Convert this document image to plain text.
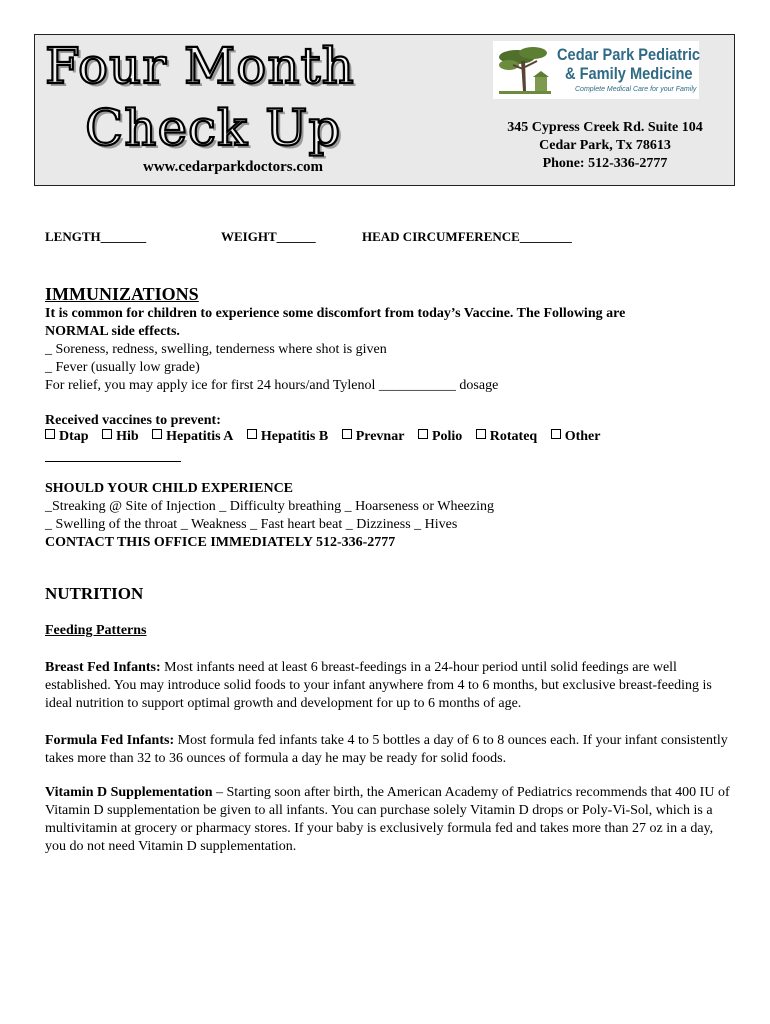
Four Month
Check Up
www.cedarparkdoctors.com
Cedar Park Pediatric
& Family Medicine
Complete Medical Care for your Family
345 Cypress Creek Rd. Suite 104
Cedar Park, Tx 78613
Phone: 512-336-2777
LENGTH_______	WEIGHT______	HEAD CIRCUMFERENCE________
IMMUNIZATIONS
It is common for children to experience some discomfort from today’s Vaccine. The Following are
NORMAL side effects.
_ Soreness, redness, swelling, tenderness where shot is given
_ Fever (usually low grade)
For relief, you may apply ice for first 24 hours/and Tylenol ___________ dosage
Received vaccines to prevent:
Dtap Hib Hepatitis A Hepatitis B Prevnar Polio Rotateq Other
SHOULD YOUR CHILD EXPERIENCE
_Streaking @ Site of Injection _ Difficulty breathing _ Hoarseness or Wheezing
_ Swelling of the throat _ Weakness _ Fast heart beat _ Dizziness _ Hives
CONTACT THIS OFFICE IMMEDIATELY 512-336-2777
NUTRITION
Feeding Patterns
Breast Fed Infants: Most infants need at least 6 breast-feedings in a 24-hour period until solid feedings are well established. You may introduce solid foods to your infant anywhere from 4 to 6 months, but exclusive breast-feeding is ideal nutrition to support optimal growth and development for up to 6 months of age.
Formula Fed Infants: Most formula fed infants take 4 to 5 bottles a day of 6 to 8 ounces each. If your infant consistently takes more than 32 to 36 ounces of formula a day he may be ready for solid foods.
Vitamin D Supplementation – Starting soon after birth, the American Academy of Pediatrics recommends that 400 IU of Vitamin D supplementation be given to all infants. You can purchase solely Vitamin D drops or Poly-Vi-Sol, which is a multivitamin at grocery or pharmacy stores. If your baby is exclusively formula fed and takes more than 27 oz in a day, you do not need Vitamin D supplementation.
